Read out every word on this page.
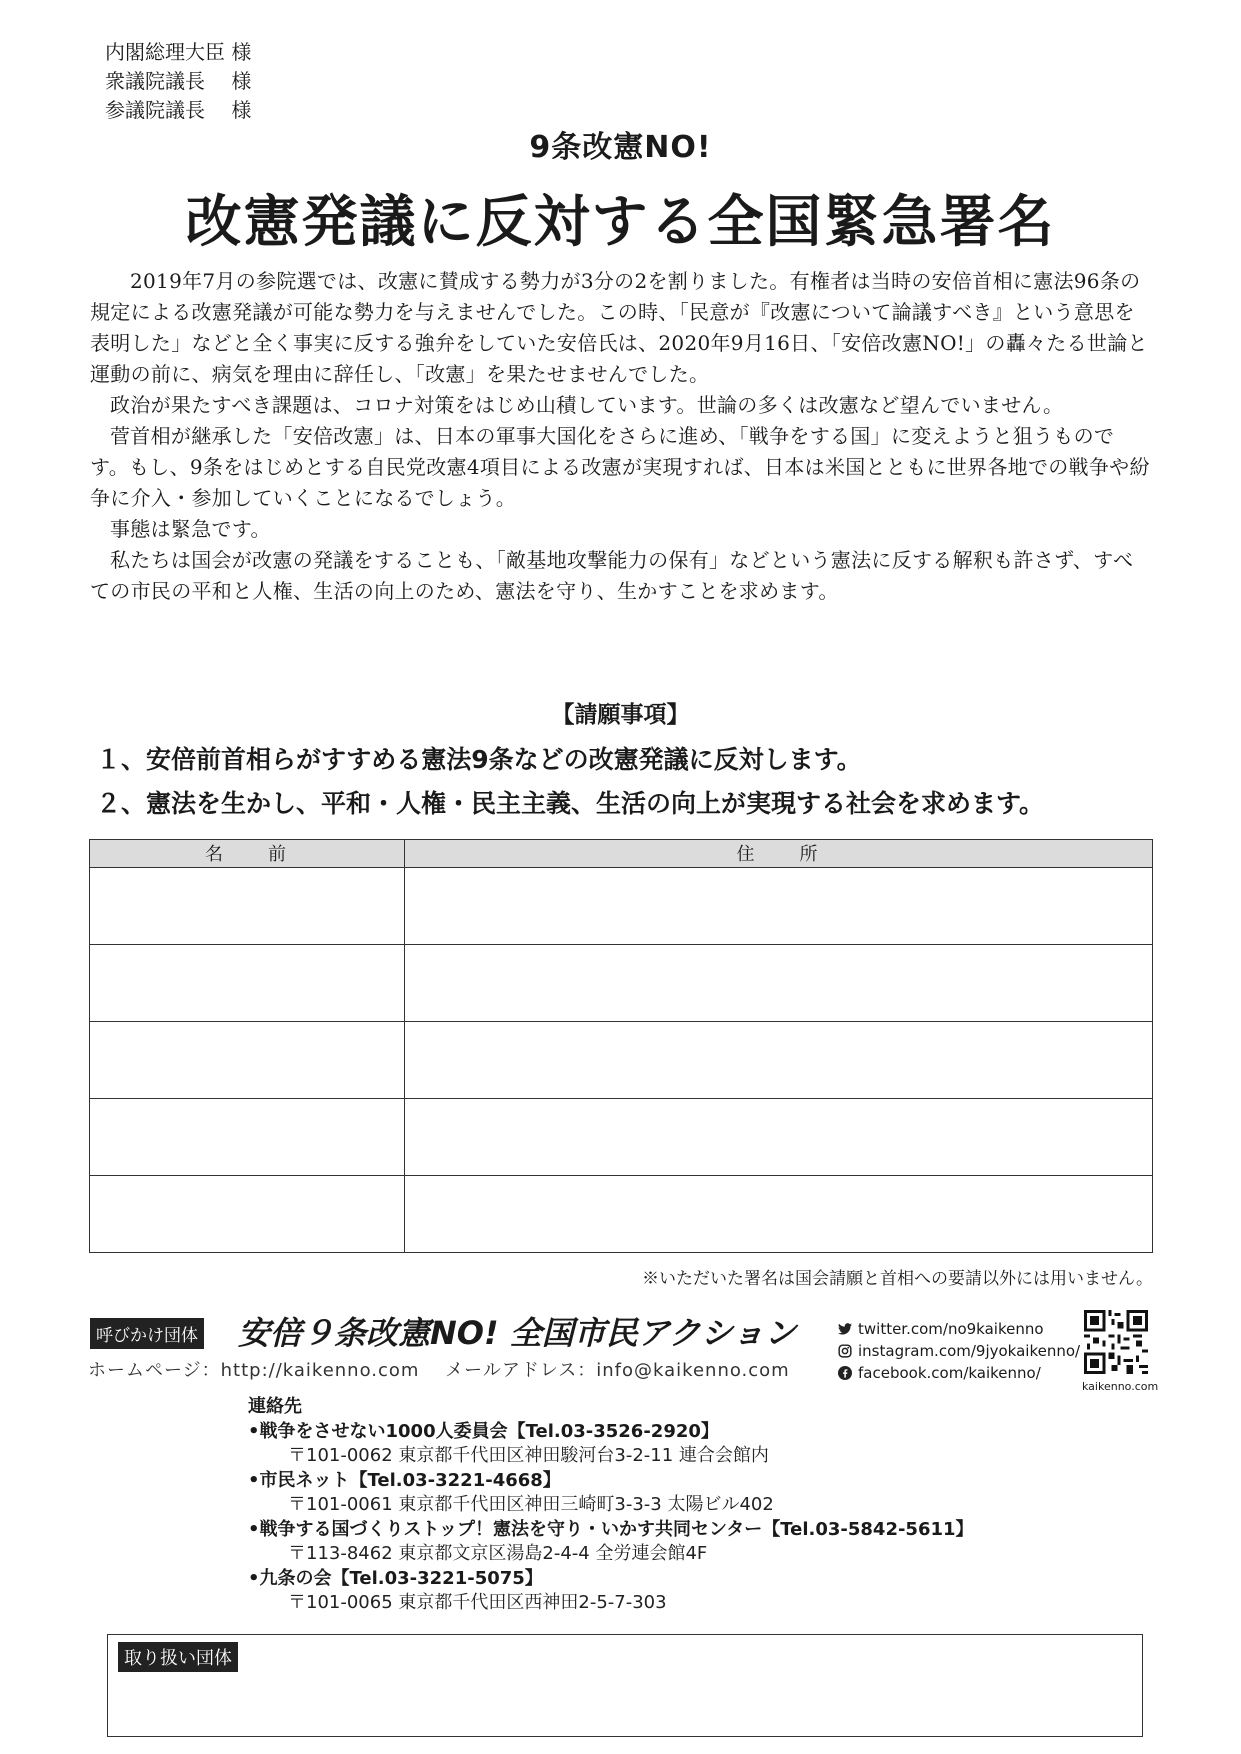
内閣総理大臣 様
衆議院議長　 様
参議院議長　 様
9条改憲NO!
改憲発議に反対する全国緊急署名

2019年7月の参院選では、改憲に賛成する勢力が3分の2を割りました。有権者は当時の安倍首相に憲法96条の規定による改憲発議が可能な勢力を与えませんでした。この時、「民意が『改憲について論議すべき』という意思を表明した」などと全く事実に反する強弁をしていた安倍氏は、2020年9月16日、「安倍改憲NO!」の轟々たる世論と運動の前に、病気を理由に辞任し、「改憲」を果たせませんでした。

政治が果たすべき課題は、コロナ対策をはじめ山積しています。世論の多くは改憲など望んでいません。

菅首相が継承した「安倍改憲」は、日本の軍事大国化をさらに進め、「戦争をする国」に変えようと狙うものです。もし、9条をはじめとする自民党改憲4項目による改憲が実現すれば、日本は米国とともに世界各地での戦争や紛争に介入・参加していくことになるでしょう。

事態は緊急です。

私たちは国会が改憲の発議をすることも、「敵基地攻撃能力の保有」などという憲法に反する解釈も許さず、すべての市民の平和と人権、生活の向上のため、憲法を守り、生かすことを求めます。

【請願事項】
１、安倍前首相らがすすめる憲法9条などの改憲発議に反対します。
２、憲法を生かし、平和・人権・民主主義、生活の向上が実現する社会を求めます。
名　　前	住　　所

※いただいた署名は国会請願と首相への要請以外には用いません。
呼びかけ団体 安倍９条改憲NO! 全国市民アクション
ホームページ：http://kaikenno.com　 メールアドレス：info@kaikenno.com
twitter.com/no9kaikenno
instagram.com/9jyokaikenno/
facebook.com/kaikenno/
kaikenno.com
連絡先
•戦争をさせない1000人委員会【Tel.03-3526-2920】
〒101-0062 東京都千代田区神田駿河台3-2-11 連合会館内
•市民ネット【Tel.03-3221-4668】
〒101-0061 東京都千代田区神田三崎町3-3-3 太陽ビル402
•戦争する国づくりストップ！憲法を守り・いかす共同センター【Tel.03-5842-5611】
〒113-8462 東京都文京区湯島2-4-4 全労連会館4F
•九条の会【Tel.03-3221-5075】
〒101-0065 東京都千代田区西神田2-5-7-303
取り扱い団体
